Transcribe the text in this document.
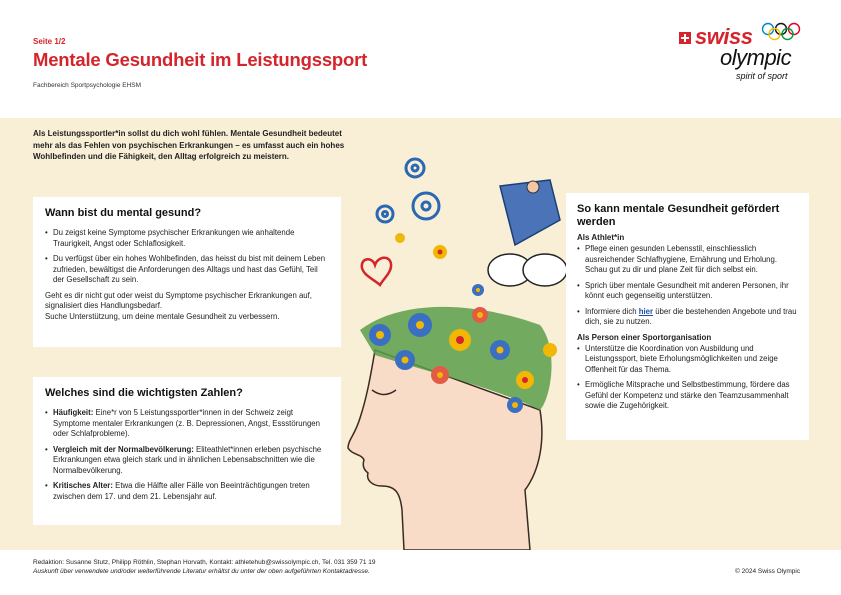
Seite 1/2
Mentale Gesundheit im Leistungssport
Fachbereich Sportpsychologie EHSM
swiss
olympic
spirit of sport
Als Leistungssportler*in sollst du dich wohl fühlen. Mentale Gesundheit bedeutet mehr als das Fehlen von psychischen Erkrankungen – es umfasst auch ein hohes Wohlbefinden und die Fähigkeit, den Alltag erfolgreich zu meistern.
Wann bist du mental gesund?
• Du zeigst keine Symptome psychischer Erkrankungen wie anhaltende Traurigkeit, Angst oder Schlaflosigkeit.
• Du verfügst über ein hohes Wohlbefinden, das heisst du bist mit deinem Leben zufrieden, bewältigst die Anforderungen des Alltags und hast das Gefühl, Teil der Gesellschaft zu sein.

Geht es dir nicht gut oder weist du Symptome psychischer Erkrankungen auf, signalisiert dies Handlungsbedarf.

Suche Unterstützung, um deine mentale Gesundheit zu verbessern.

Welches sind die wichtigsten Zahlen?
• Häufigkeit: Eine*r von 5 Leistungssportler*innen in der Schweiz zeigt Symptome mentaler Erkrankungen (z. B. Depressionen, Angst, Essstörungen oder Schlafprobleme).
• Vergleich mit der Normalbevölkerung: Eliteathlet*innen erleben psychische Erkrankungen etwa gleich stark und in ähnlichen Lebensabschnitten wie die Normalbevölkerung.
• Kritisches Alter: Etwa die Hälfte aller Fälle von Beeinträchtigungen treten zwischen dem 17. und dem 21. Lebensjahr auf.
So kann mentale Gesundheit gefördert werden
Als Athlet*in
• Pflege einen gesunden Lebensstil, einschliesslich ausreichender Schlafhygiene, Ernährung und Erholung. Schau gut zu dir und plane Zeit für dich selbst ein.
• Sprich über mentale Gesundheit mit anderen Personen, ihr könnt euch gegenseitig unterstützen.
• Informiere dich hier über die bestehenden Angebote und trau dich, sie zu nutzen.
Als Person einer Sportorganisation
• Unterstütze die Koordination von Ausbildung und Leistungssport, biete Erholungsmöglichkeiten und zeige Offenheit für das Thema.
• Ermögliche Mitsprache und Selbstbestimmung, fördere das Gefühl der Kompetenz und stärke den Teamzusammenhalt sowie die Zugehörigkeit.
Redaktion: Susanne Stutz, Philipp Röthlin, Stephan Horvath, Kontakt: athletehub@swissolympic.ch, Tel. 031 359 71 19
Auskunft über verwendete und/oder weiterführende Literatur erhältst du unter der oben aufgeführten Kontaktadresse.	© 2024 Swiss Olympic
